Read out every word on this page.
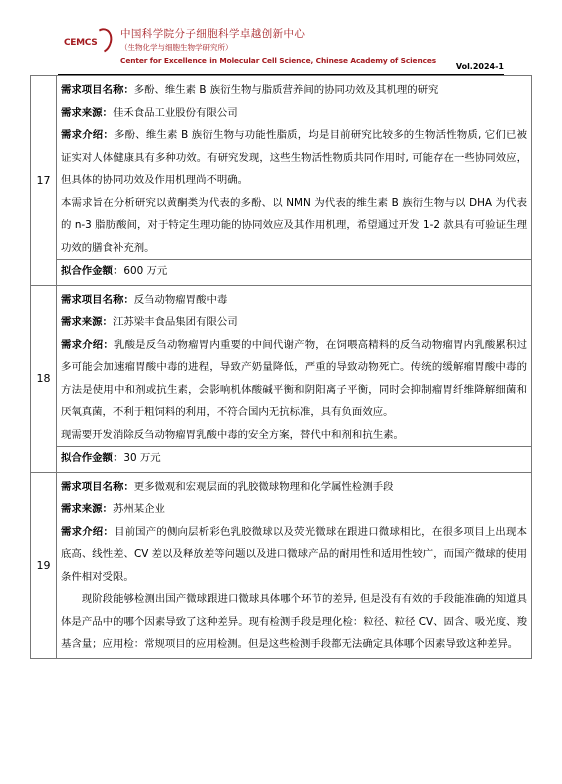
CEMCS
中国科学院分子细胞科学卓越创新中心
（生物化学与细胞生物学研究所）
Center for Excellence in Molecular Cell Science, Chinese Academy of Sciences
Vol.2024-1
17	需求项目名称：多酚、维生素 B 族衍生物与脂质营养间的协同功效及其机理的研究
需求来源：佳禾食品工业股份有限公司
需求介绍：多酚、维生素 B 族衍生物与功能性脂质，均是目前研究比较多的生物活性物质, 它们已被证实对人体健康具有多种功效。有研究发现，这些生物活性物质共同作用时, 可能存在一些协同效应，但具体的协同功效及作用机理尚不明确。
本需求旨在分析研究以黄酮类为代表的多酚、以 NMN 为代表的维生素 B 族衍生物与以 DHA 为代表的 n-3 脂肪酸间，对于特定生理功能的协同效应及其作用机理，希望通过开发 1-2 款具有可验证生理功效的膳食补充剂。
拟合作金额：600 万元

18	需求项目名称：反刍动物瘤胃酸中毒
需求来源：江苏梁丰食品集团有限公司
需求介绍：乳酸是反刍动物瘤胃内重要的中间代谢产物，在饲喂高精料的反刍动物瘤胃内乳酸累积过多可能会加速瘤胃酸中毒的进程，导致产奶量降低，严重的导致动物死亡。传统的缓解瘤胃酸中毒的方法是使用中和剂或抗生素，会影响机体酸碱平衡和阴阳离子平衡，同时会抑制瘤胃纤维降解细菌和厌氧真菌，不利于粗饲料的利用，不符合国内无抗标准，具有负面效应。
现需要开发消除反刍动物瘤胃乳酸中毒的安全方案，替代中和剂和抗生素。
拟合作金额：30 万元

19	需求项目名称：更多微观和宏观层面的乳胶微球物理和化学属性检测手段
需求来源：苏州某企业
需求介绍：目前国产的侧向层析彩色乳胶微球以及荧光微球在跟进口微球相比，在很多项目上出现本底高、线性差、CV 差以及释放差等问题以及进口微球产品的耐用性和适用性较广，而国产微球的使用条件相对受限。
现阶段能够检测出国产微球跟进口微球具体哪个环节的差异, 但是没有有效的手段能准确的知道具体是产品中的哪个因素导致了这种差异。现有检测手段是理化检：粒径、粒径 CV、固含、吸光度、羧基含量；应用检：常规项目的应用检测。但是这些检测手段都无法确定具体哪个因素导致这种差异。
